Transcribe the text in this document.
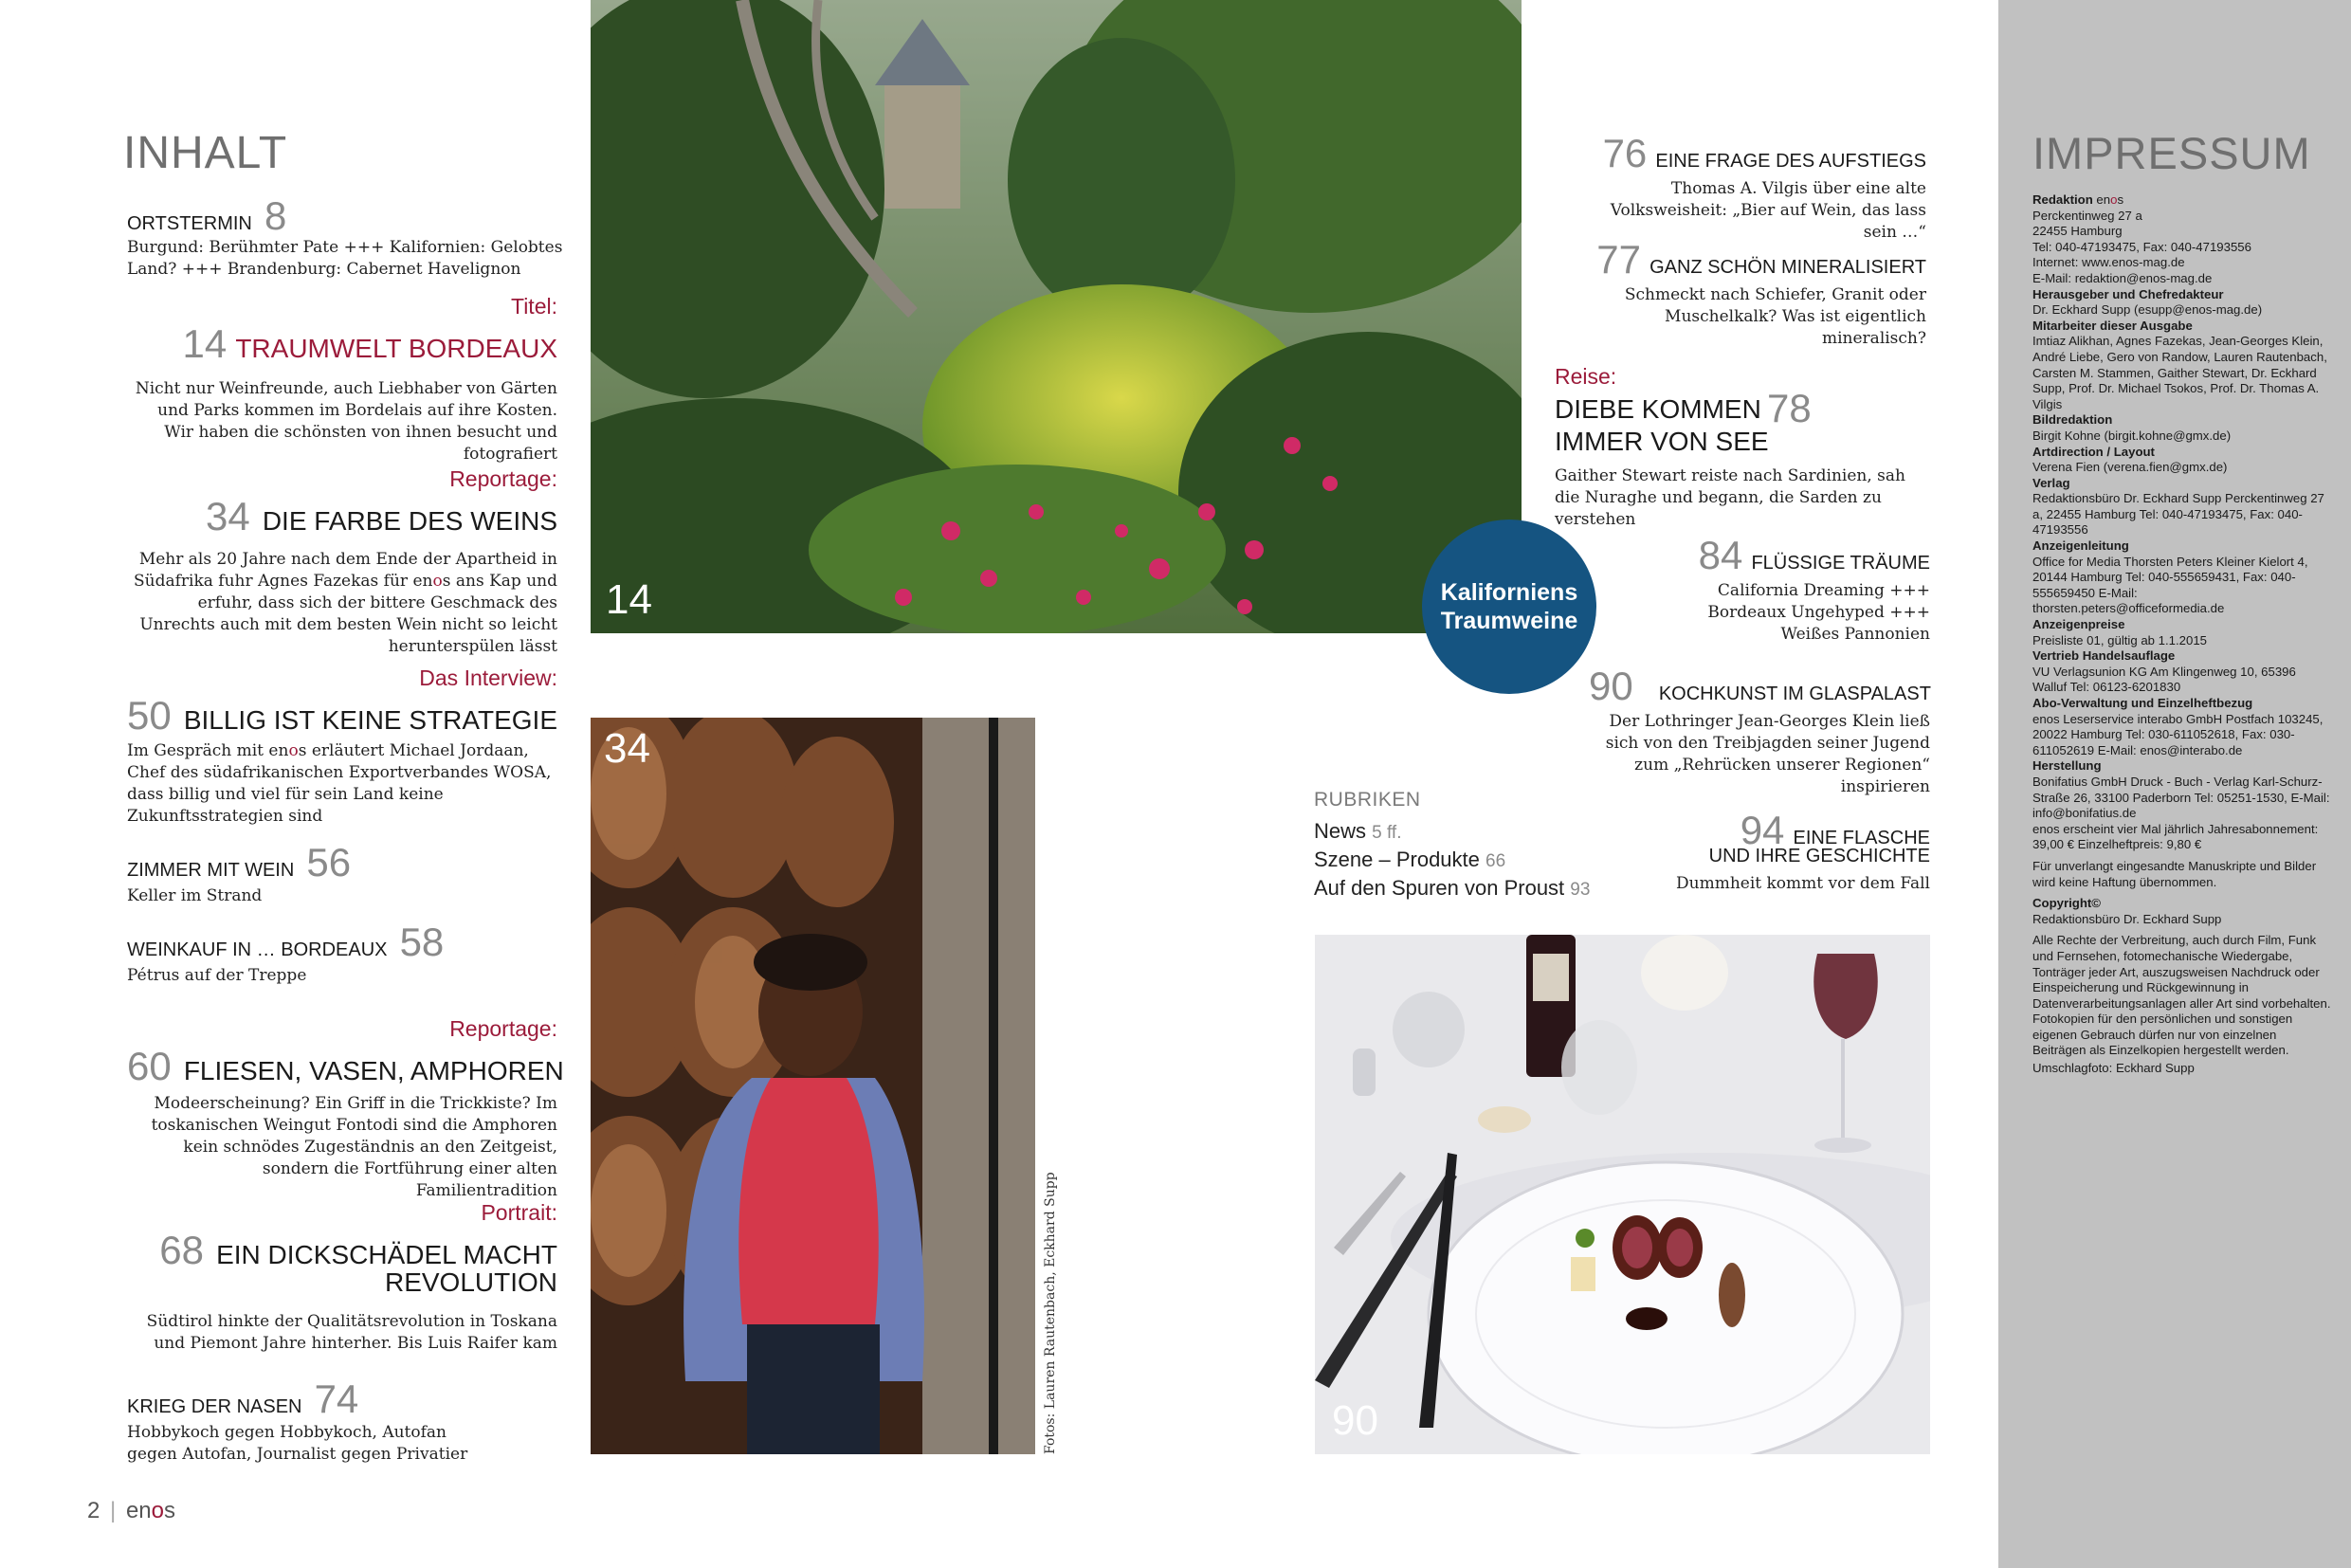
INHALT
ORTSTERMIN 8
Burgund: Berühmter Pate +++ Kalifornien: Gelobtes Land? +++ Brandenburg: Cabernet Havelignon
Titel:
14 TRAUMWELT BORDEAUX
Nicht nur Weinfreunde, auch Liebhaber von Gärten und Parks kommen im Bordelais auf ihre Kosten. Wir haben die schönsten von ihnen besucht und fotografiert
Reportage:
34 DIE FARBE DES WEINS
Mehr als 20 Jahre nach dem Ende der Apartheid in Südafrika fuhr Agnes Fazekas für enos ans Kap und erfuhr, dass sich der bittere Geschmack des Unrechts auch mit dem besten Wein nicht so leicht herunterspülen lässt
Das Interview:
50 BILLIG IST KEINE STRATEGIE
Im Gespräch mit enos erläutert Michael Jordaan, Chef des südafrikanischen Exportverbandes WOSA, dass billig und viel für sein Land keine Zukunftsstrategien sind
ZIMMER MIT WEIN 56
Keller im Strand
WEINKAUF IN … BORDEAUX 58
Pétrus auf der Treppe
Reportage:
60 FLIESEN, VASEN, AMPHOREN
Modeerscheinung? Ein Griff in die Trickkiste? Im toskanischen Weingut Fontodi sind die Amphoren kein schnödes Zugeständnis an den Zeitgeist, sondern die Fortführung einer alten Familientradition
Portrait:
68 EIN DICKSCHÄDEL MACHT
REVOLUTION
Südtirol hinkte der Qualitätsrevolution in Toskana und Piemont Jahre hinterher. Bis Luis Raifer kam
KRIEG DER NASEN 74
Hobbykoch gegen Hobbykoch, Autofan gegen Autofan, Journalist gegen Privatier
2 | enos
14
34
Fotos: Lauren Rautenbach, Eckhard Supp	90
Kaliforniens
Traumweine
76 EINE FRAGE DES AUFSTIEGS
Thomas A. Vilgis über eine alte Volksweisheit: „Bier auf Wein, das lass sein …“
77 GANZ SCHÖN MINERALISIERT
Schmeckt nach Schiefer, Granit oder Muschelkalk? Was ist eigentlich mineralisch?
Reise:
DIEBE KOMMEN
IMMER VON SEE
78
Gaither Stewart reiste nach Sardinien, sah die Nuraghe und begann, die Sarden zu verstehen
84 FLÜSSIGE TRÄUME
California Dreaming +++
Bordeaux Ungehyped +++
Weißes Pannonien
90 KOCHKUNST IM GLASPALAST
Der Lothringer Jean-Georges Klein ließ sich von den Treibjagden seiner Jugend zum „Rehrücken unserer Regionen“ inspirieren
RUBRIKEN
News 5 ff.
Szene – Produkte 66
Auf den Spuren von Proust 93
94 EINE FLASCHE
UND IHRE GESCHICHTE
Dummheit kommt vor dem Fall
IMPRESSUM
Redaktion enos
Perckentinweg 27 a
22455 Hamburg
Tel: 040-47193475, Fax: 040-47193556
Internet: www.enos-mag.de
E-Mail: redaktion@enos-mag.de
Herausgeber und Chefredakteur
Dr. Eckhard Supp (esupp@enos-mag.de)
Mitarbeiter dieser Ausgabe
Imtiaz Alikhan, Agnes Fazekas, Jean-Georges Klein, André Liebe, Gero von Randow, Lauren Rautenbach, Carsten M. Stammen, Gaither Stewart, Dr. Eckhard Supp, Prof. Dr. Michael Tsokos, Prof. Dr. Thomas A. Vilgis
Bildredaktion
Birgit Kohne (birgit.kohne@gmx.de)
Artdirection / Layout
Verena Fien (verena.fien@gmx.de)
Verlag
Redaktionsbüro Dr. Eckhard Supp Perckentinweg 27 a, 22455 Hamburg Tel: 040-47193475, Fax: 040-47193556
Anzeigenleitung
Office for Media Thorsten Peters Kleiner Kielort 4, 20144 Hamburg Tel: 040-555659431, Fax: 040-555659450 E-Mail: thorsten.peters@officeformedia.de
Anzeigenpreise
Preisliste 01, gültig ab 1.1.2015
Vertrieb Handelsauflage
VU Verlagsunion KG Am Klingenweg 10, 65396 Walluf Tel: 06123-6201830
Abo-Verwaltung und Einzelheftbezug
enos Leserservice interabo GmbH Postfach 103245, 20022 Hamburg Tel: 030-611052618, Fax: 030-611052619 E-Mail: enos@interabo.de
Herstellung
Bonifatius GmbH Druck - Buch - Verlag Karl-Schurz-Straße 26, 33100 Paderborn Tel: 05251-1530, E-Mail: info@bonifatius.de
enos erscheint vier Mal jährlich Jahresabonnement: 39,00 € Einzelheftpreis: 9,80 €
Für unverlangt eingesandte Manuskripte und Bilder wird keine Haftung übernommen.
Copyright©
Redaktionsbüro Dr. Eckhard Supp
Alle Rechte der Verbreitung, auch durch Film, Funk und Fernsehen, fotomechanische Wiedergabe, Tonträger jeder Art, auszugsweisen Nachdruck oder Einspeicherung und Rückgewinnung in Datenverarbeitungsanlagen aller Art sind vorbehalten. Fotokopien für den persönlichen und sonstigen eigenen Gebrauch dürfen nur von einzelnen Beiträgen als Einzelkopien hergestellt werden.
Umschlagfoto: Eckhard Supp
